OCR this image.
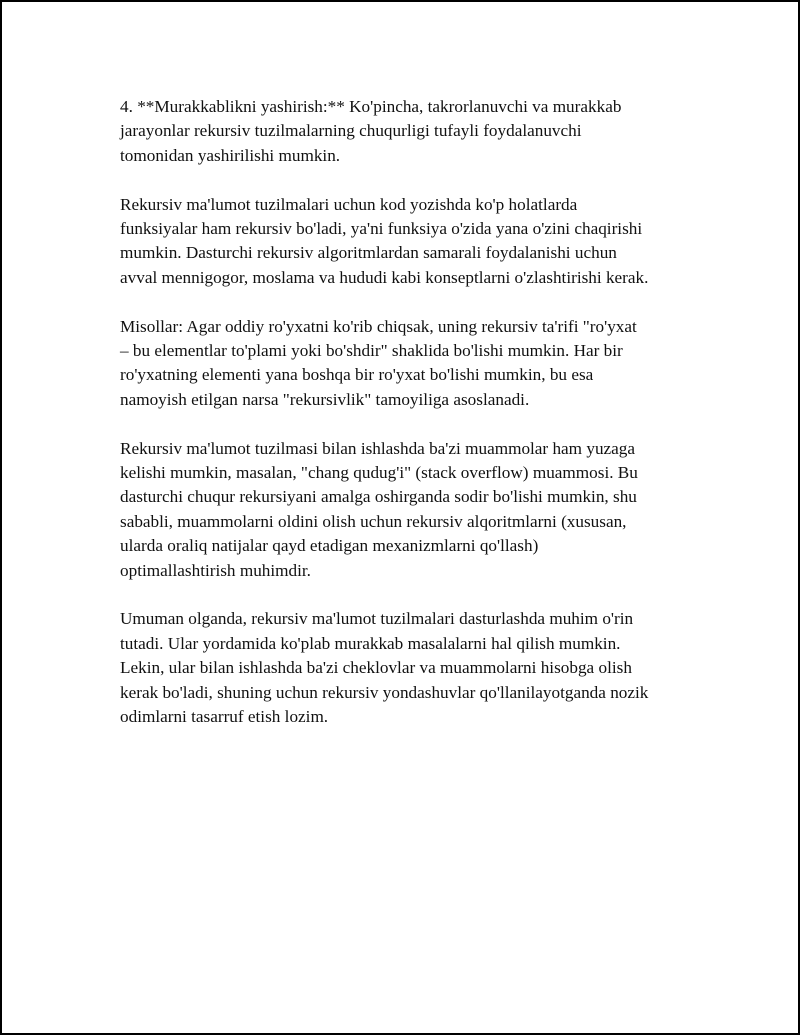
4. **Murakkablikni yashirish:** Ko'pincha, takrorlanuvchi va murakkab
jarayonlar rekursiv tuzilmalarning chuqurligi tufayli foydalanuvchi
tomonidan yashirilishi mumkin.

Rekursiv ma'lumot tuzilmalari uchun kod yozishda ko'p holatlarda
funksiyalar ham rekursiv bo'ladi, ya'ni funksiya o'zida yana o'zini chaqirishi
mumkin. Dasturchi rekursiv algoritmlardan samarali foydalanishi uchun
avval mennigogor, moslama va hududi kabi konseptlarni o'zlashtirishi kerak.

Misollar: Agar oddiy ro'yxatni ko'rib chiqsak, uning rekursiv ta'rifi "ro'yxat
– bu elementlar to'plami yoki bo'shdir" shaklida bo'lishi mumkin. Har bir
ro'yxatning elementi yana boshqa bir ro'yxat bo'lishi mumkin, bu esa
namoyish etilgan narsa "rekursivlik" tamoyiliga asoslanadi.

Rekursiv ma'lumot tuzilmasi bilan ishlashda ba'zi muammolar ham yuzaga
kelishi mumkin, masalan, "chang qudug'i" (stack overflow) muammosi. Bu
dasturchi chuqur rekursiyani amalga oshirganda sodir bo'lishi mumkin, shu
sababli, muammolarni oldini olish uchun rekursiv alqoritmlarni (xususan,
ularda oraliq natijalar qayd etadigan mexanizmlarni qo'llash)
optimallashtirish muhimdir.

Umuman olganda, rekursiv ma'lumot tuzilmalari dasturlashda muhim o'rin
tutadi. Ular yordamida ko'plab murakkab masalalarni hal qilish mumkin.
Lekin, ular bilan ishlashda ba'zi cheklovlar va muammolarni hisobga olish
kerak bo'ladi, shuning uchun rekursiv yondashuvlar qo'llanilayotganda nozik
odimlarni tasarruf etish lozim.
